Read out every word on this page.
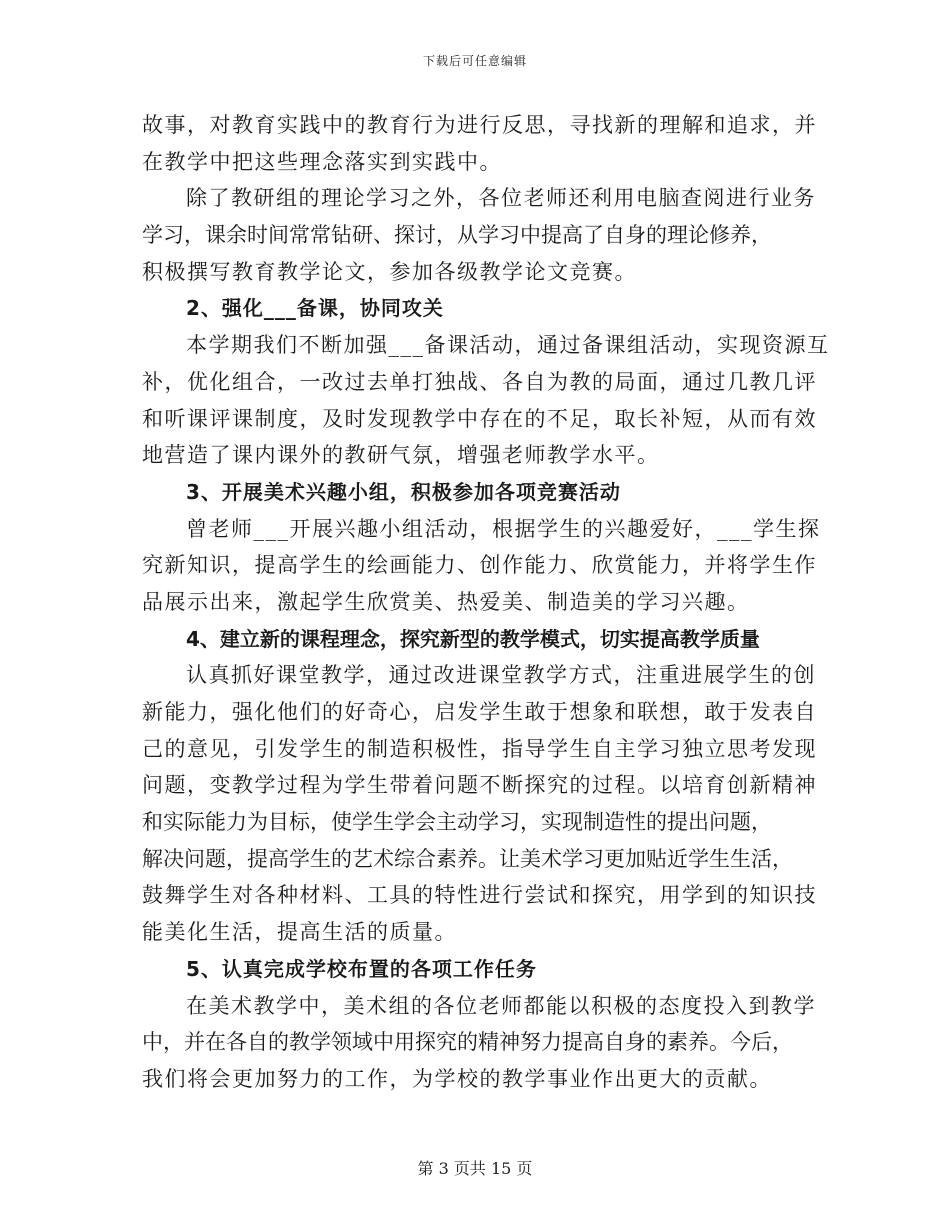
下载后可任意编辑
故事，对教育实践中的教育行为进行反思，寻找新的理解和追求，并
在教学中把这些理念落实到实践中。
除了教研组的理论学习之外，各位老师还利用电脑查阅进行业务
学习，课余时间常常钻研、探讨，从学习中提高了自身的理论修养，
积极撰写教育教学论文，参加各级教学论文竞赛。
2、强化___备课，协同攻关
本学期我们不断加强___备课活动，通过备课组活动，实现资源互
补，优化组合，一改过去单打独战、各自为教的局面，通过几教几评
和听课评课制度，及时发现教学中存在的不足，取长补短，从而有效
地营造了课内课外的教研气氛，增强老师教学水平。
3、开展美术兴趣小组，积极参加各项竞赛活动
曾老师___开展兴趣小组活动，根据学生的兴趣爱好，___学生探
究新知识，提高学生的绘画能力、创作能力、欣赏能力，并将学生作
品展示出来，激起学生欣赏美、热爱美、制造美的学习兴趣。
4、建立新的课程理念，探究新型的教学模式，切实提高教学质量
认真抓好课堂教学，通过改进课堂教学方式，注重进展学生的创
新能力，强化他们的好奇心，启发学生敢于想象和联想，敢于发表自
己的意见，引发学生的制造积极性，指导学生自主学习独立思考发现
问题，变教学过程为学生带着问题不断探究的过程。以培育创新精神
和实际能力为目标，使学生学会主动学习，实现制造性的提出问题，
解决问题，提高学生的艺术综合素养。让美术学习更加贴近学生生活，
鼓舞学生对各种材料、工具的特性进行尝试和探究，用学到的知识技
能美化生活，提高生活的质量。
5、认真完成学校布置的各项工作任务
在美术教学中，美术组的各位老师都能以积极的态度投入到教学
中，并在各自的教学领域中用探究的精神努力提高自身的素养。今后，
我们将会更加努力的工作，为学校的教学事业作出更大的贡献。
第 3 页共 15 页
